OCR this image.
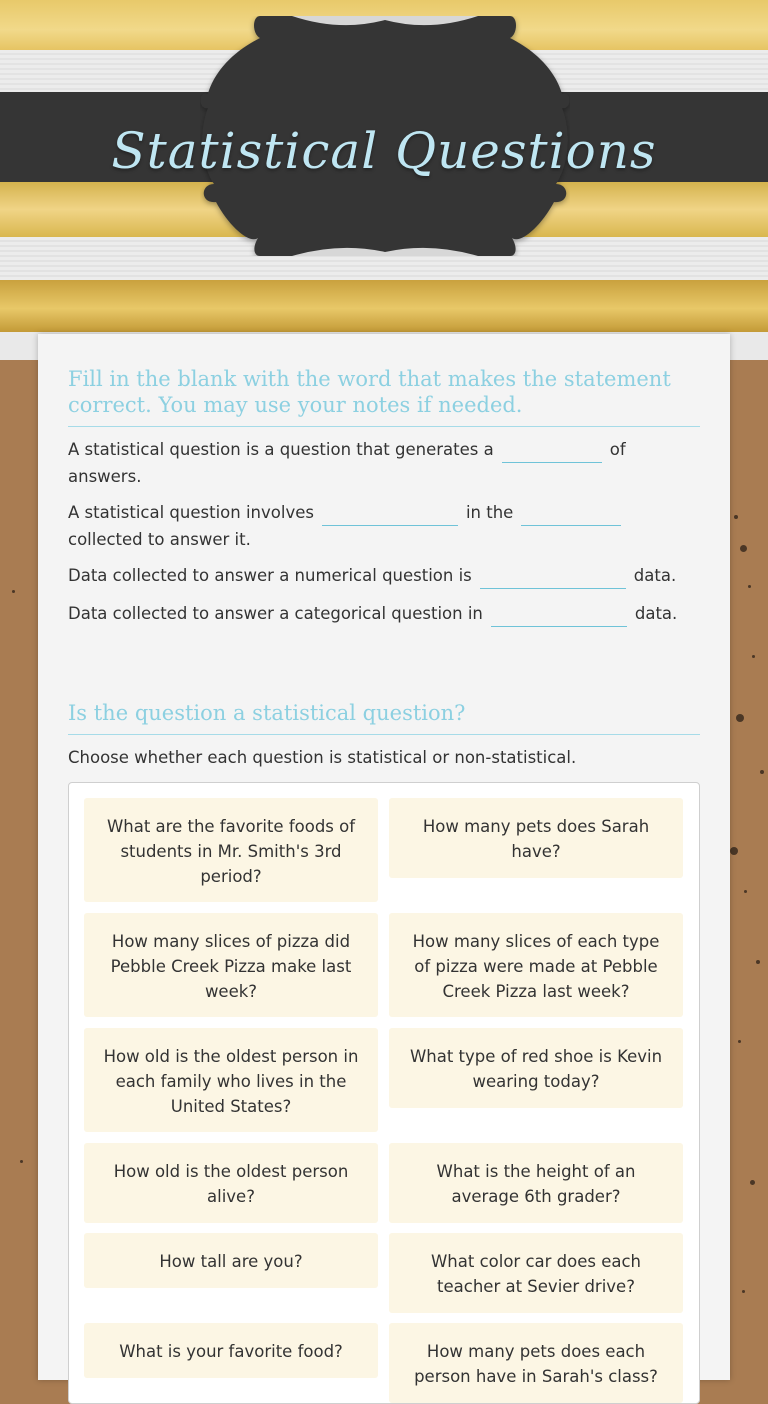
Statistical Questions
Fill in the blank with the word that makes the statement correct. You may use your notes if needed.
A statistical question is a question that generates a	of
answers.
A statistical question involves	in the
collected to answer it.
Data collected to answer a numerical question is	data.
Data collected to answer a categorical question in	data.
Is the question a statistical question?
Choose whether each question is statistical or non-statistical.
What are the favorite foods of students in Mr. Smith's 3rd period?
How many pets does Sarah have?
How many slices of pizza did Pebble Creek Pizza make last week?
How many slices of each type of pizza were made at Pebble Creek Pizza last week?
How old is the oldest person in each family who lives in the United States?
What type of red shoe is Kevin wearing today?
How old is the oldest person alive?
What is the height of an average 6th grader?
How tall are you?	What color car does each teacher at Sevier drive?
What is your favorite food?	How many pets does each person have in Sarah's class?
